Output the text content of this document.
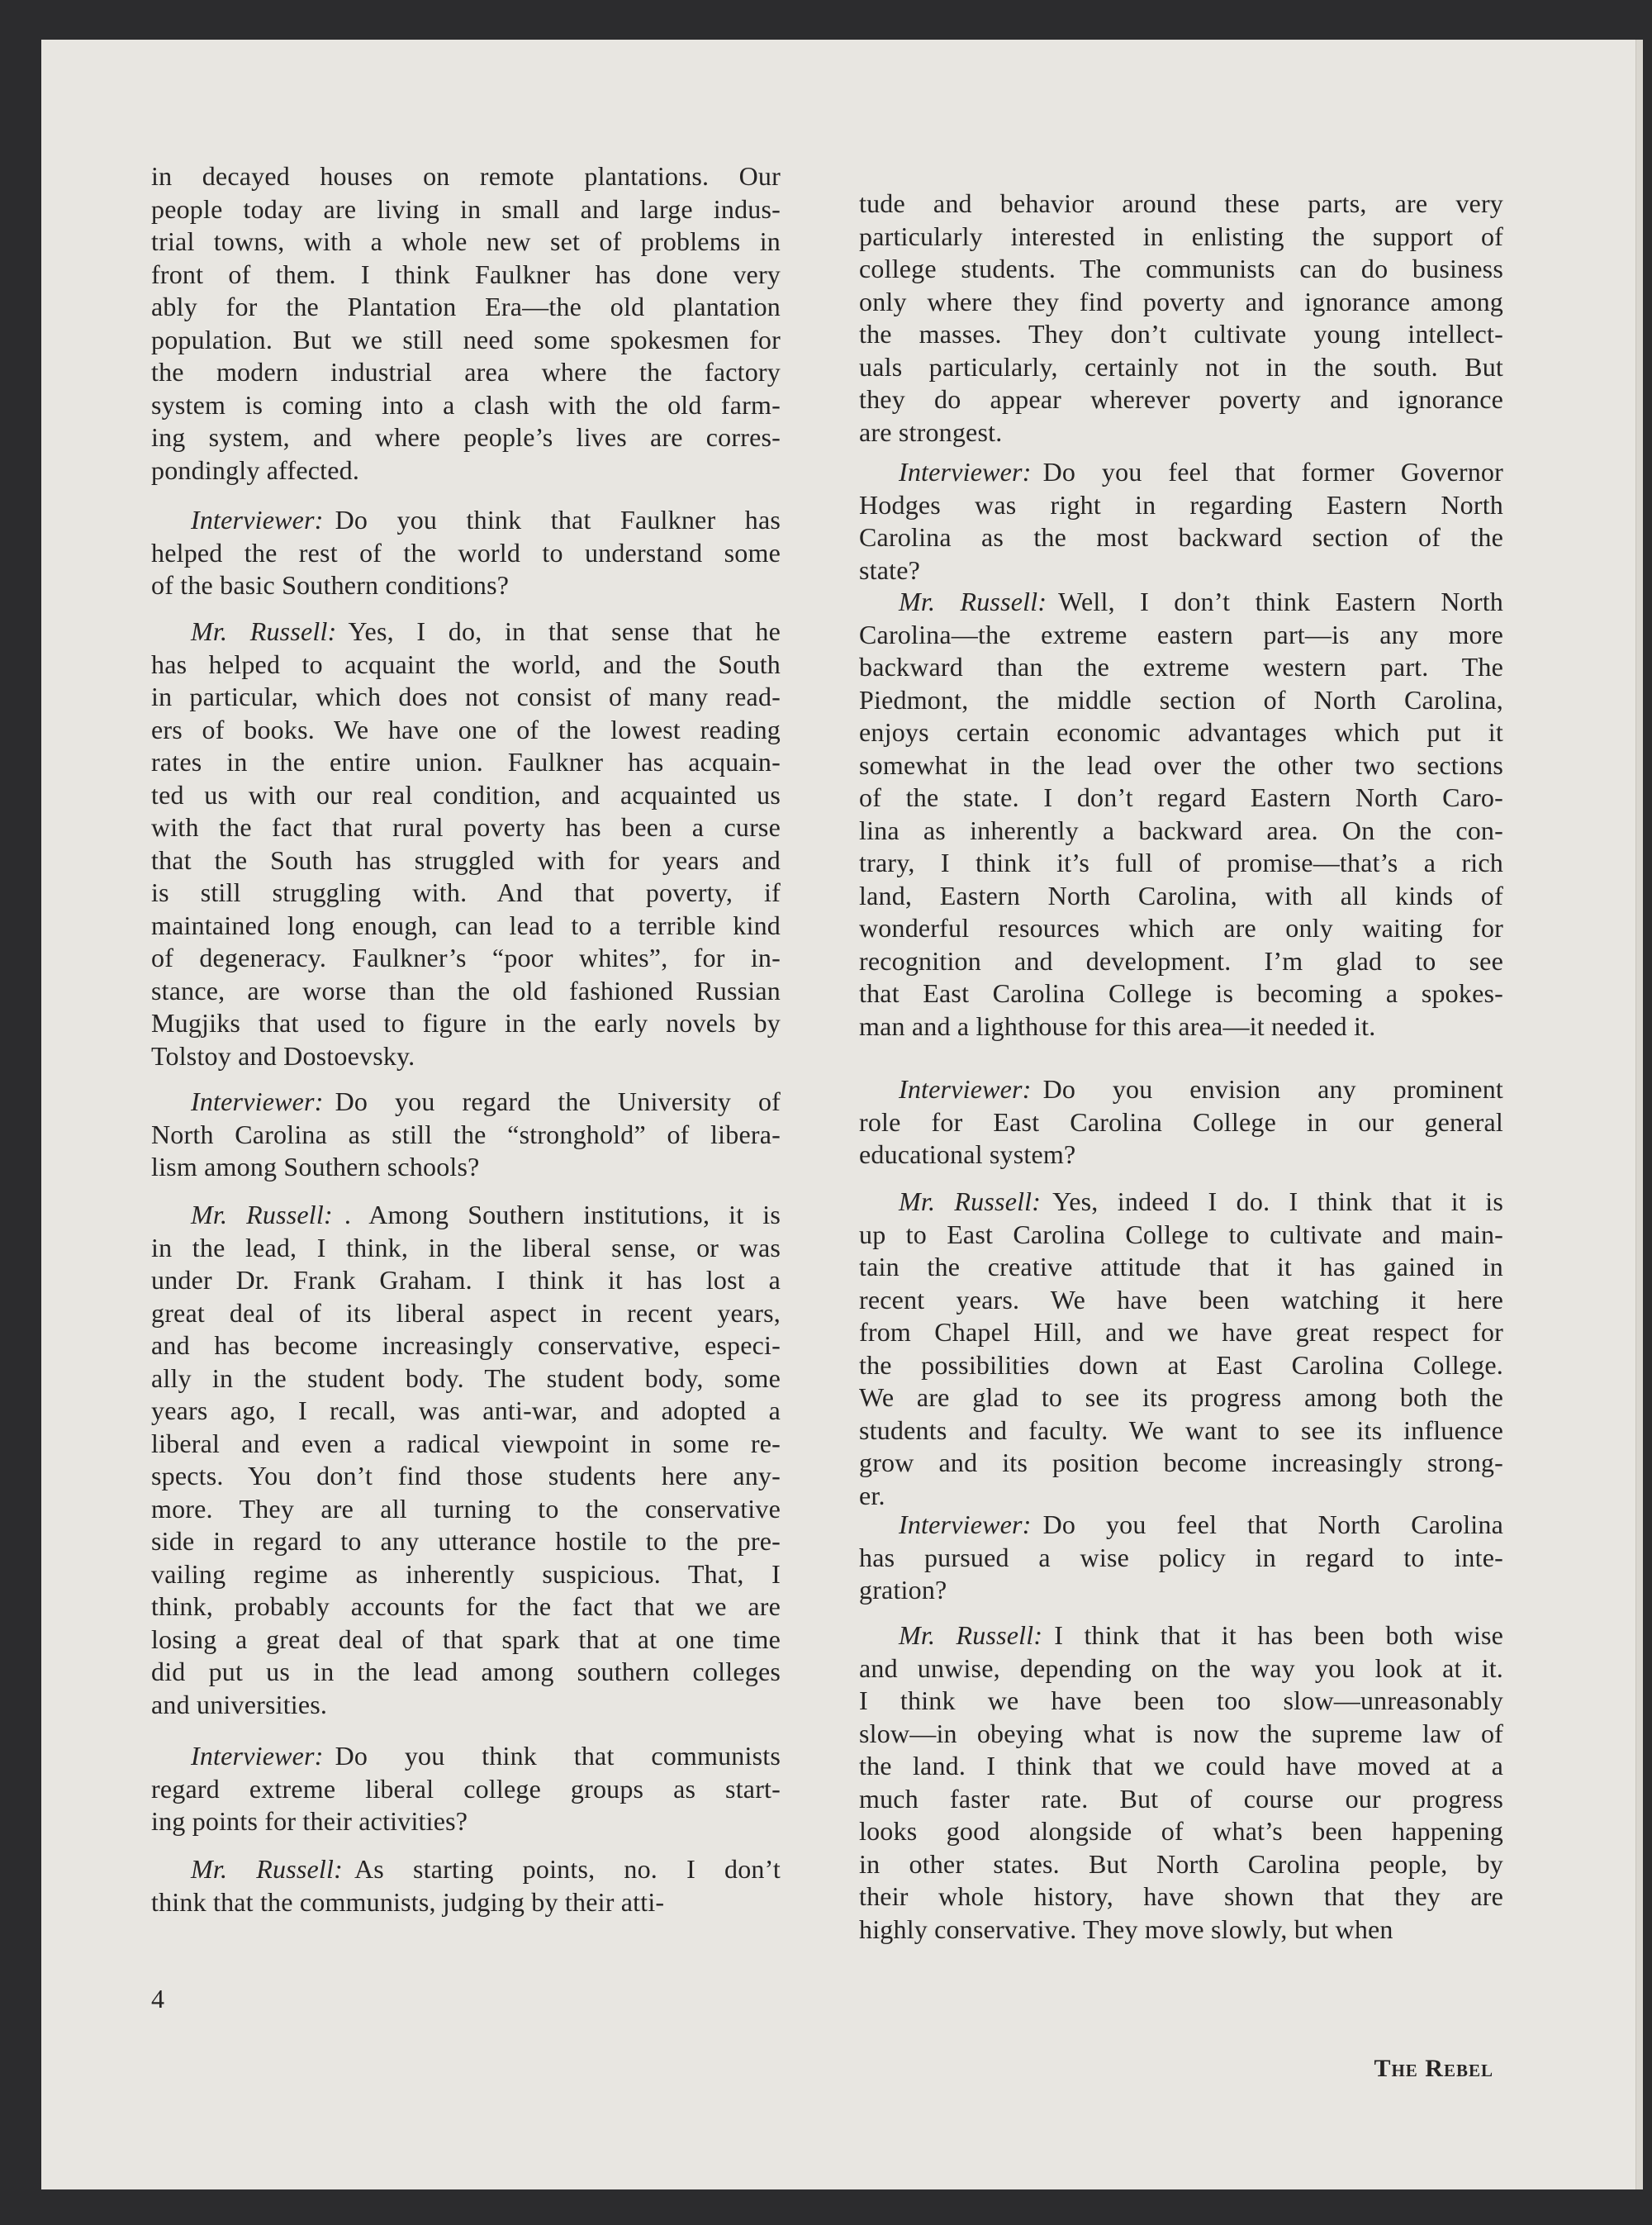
in decayed houses on remote plantations. Our
people today are living in small and large indus-
trial towns, with a whole new set of problems in
front of them. I think Faulkner has done very
ably for the Plantation Era—the old plantation
population. But we still need some spokesmen for
the modern industrial area where the factory
system is coming into a clash with the old farm-
ing system, and where people’s lives are corres-
pondingly affected.
Interviewer: Do you think that Faulkner has
helped the rest of the world to understand some
of the basic Southern conditions?
Mr. Russell: Yes, I do, in that sense that he
has helped to acquaint the world, and the South
in particular, which does not consist of many read-
ers of books. We have one of the lowest reading
rates in the entire union. Faulkner has acquain-
ted us with our real condition, and acquainted us
with the fact that rural poverty has been a curse
that the South has struggled with for years and
is still struggling with. And that poverty, if
maintained long enough, can lead to a terrible kind
of degeneracy. Faulkner’s “poor whites”, for in-
stance, are worse than the old fashioned Russian
Mugjiks that used to figure in the early novels by
Tolstoy and Dostoevsky.
Interviewer: Do you regard the University of
North Carolina as still the “stronghold” of libera-
lism among Southern schools?
Mr. Russell: . Among Southern institutions, it is
in the lead, I think, in the liberal sense, or was
under Dr. Frank Graham. I think it has lost a
great deal of its liberal aspect in recent years,
and has become increasingly conservative, especi-
ally in the student body. The student body, some
years ago, I recall, was anti-war, and adopted a
liberal and even a radical viewpoint in some re-
spects. You don’t find those students here any-
more. They are all turning to the conservative
side in regard to any utterance hostile to the pre-
vailing regime as inherently suspicious. That, I
think, probably accounts for the fact that we are
losing a great deal of that spark that at one time
did put us in the lead among southern colleges
and universities.
Interviewer: Do you think that communists
regard extreme liberal college groups as start-
ing points for their activities?
Mr. Russell: As starting points, no. I don’t
think that the communists, judging by their atti-
tude and behavior around these parts, are very
particularly interested in enlisting the support of
college students. The communists can do business
only where they find poverty and ignorance among
the masses. They don’t cultivate young intellect-
uals particularly, certainly not in the south. But
they do appear wherever poverty and ignorance
are strongest.
Interviewer: Do you feel that former Governor
Hodges was right in regarding Eastern North
Carolina as the most backward section of the
state?
Mr. Russell: Well, I don’t think Eastern North
Carolina—the extreme eastern part—is any more
backward than the extreme western part. The
Piedmont, the middle section of North Carolina,
enjoys certain economic advantages which put it
somewhat in the lead over the other two sections
of the state. I don’t regard Eastern North Caro-
lina as inherently a backward area. On the con-
trary, I think it’s full of promise—that’s a rich
land, Eastern North Carolina, with all kinds of
wonderful resources which are only waiting for
recognition and development. I’m glad to see
that East Carolina College is becoming a spokes-
man and a lighthouse for this area—it needed it.
Interviewer: Do you envision any prominent
role for East Carolina College in our general
educational system?
Mr. Russell: Yes, indeed I do. I think that it is
up to East Carolina College to cultivate and main-
tain the creative attitude that it has gained in
recent years. We have been watching it here
from Chapel Hill, and we have great respect for
the possibilities down at East Carolina College.
We are glad to see its progress among both the
students and faculty. We want to see its influence
grow and its position become increasingly strong-
er.
Interviewer: Do you feel that North Carolina
has pursued a wise policy in regard to inte-
gration?
Mr. Russell: I think that it has been both wise
and unwise, depending on the way you look at it.
I think we have been too slow—unreasonably
slow—in obeying what is now the supreme law of
the land. I think that we could have moved at a
much faster rate. But of course our progress
looks good alongside of what’s been happening
in other states. But North Carolina people, by
their whole history, have shown that they are
highly conservative. They move slowly, but when
4
The Rebel
